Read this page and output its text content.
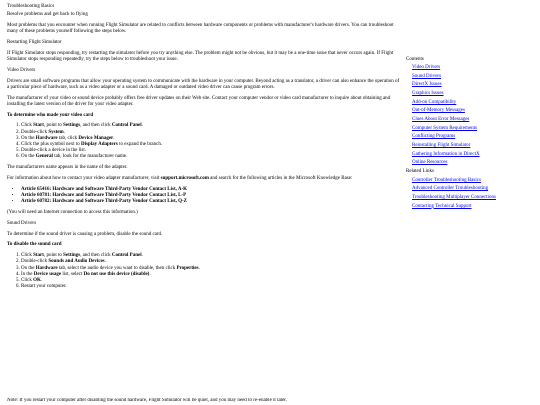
Troubleshooting Basics

Resolve problems and get back to flying

Most problems that you encounter when running Flight Simulator are related to conflicts between hardware components or problems with manufacturer's hardware drivers. You can troubleshoot many of these problems yourself following the steps below.

Restarting Flight Simulator

If Flight Simulator stops responding, try restarting the simulator before you try anything else. The problem might not be obvious, but it may be a one-time issue that never occurs again. If Flight Simulator stops responding repeatedly, try the steps below to troubleshoot your issue.

Video Drivers

Drivers are small software programs that allow your operating system to communicate with the hardware in your computer. Beyond acting as a translator, a driver can also enhance the operation of a particular piece of hardware, such as a video adapter or a sound card. A damaged or outdated video driver can cause program errors.

The manufacturer of your video or sound device probably offers free driver updates on their Web site. Contact your computer vendor or video card manufacturer to inquire about obtaining and installing the latest version of the driver for your video adapter.

To determine who made your video card

1. Click Start, point to Settings, and then click Control Panel.
2. Double-click System.
3. On the Hardware tab, click Device Manager.
4. Click the plus symbol next to Display Adapters to expand the branch.
5. Double-click a device in the list.
6. On the General tab, look for the manufacturer name.

The manufacturers name appears in the name of the adapter.

For information about how to contact your video adapter manufacturer, visit support.microsoft.com and search for the following articles in the Microsoft Knowledge Base:

• Article 65416: Hardware and Software Third-Party Vendor Contact List, A-K
• Article 60781: Hardware and Software Third-Party Vendor Contact List, L-P
• Article 60782: Hardware and Software Third-Party Vendor Contact List, Q-Z

(You will need an Internet connection to access this information.)

Sound Drivers

To determine if the sound driver is causing a problem, disable the sound card.

To disable the sound card

1. Click Start, point to Settings, and then click Control Panel.
2. Double-click Sounds and Audio Devices.
3. On the Hardware tab, select the audio device you want to disable, then click Properties.
4. In the Device usage list, select Do not use this device (disable).
5. Click OK.
6. Restart your computer.
Note: If you restart your computer after disabling the sound hardware, Flight Simulator will be quiet, and you may need to re-enable it later.
Contents
Video Drivers
Sound Drivers
DirectX Issues
Graphics Issues
Add-on Compatibility
Out-of-Memory Messages
Clues About Error Messages
Computer System Requirements
Conflicting Programs
Reinstalling Flight Simulator
Gathering Information in DirectX
Online Resources
Related Links
Controller Troubleshooting Basics
Advanced Controller Troubleshooting
Troubleshooting Multiplayer Connections
Contacting Technical Support
